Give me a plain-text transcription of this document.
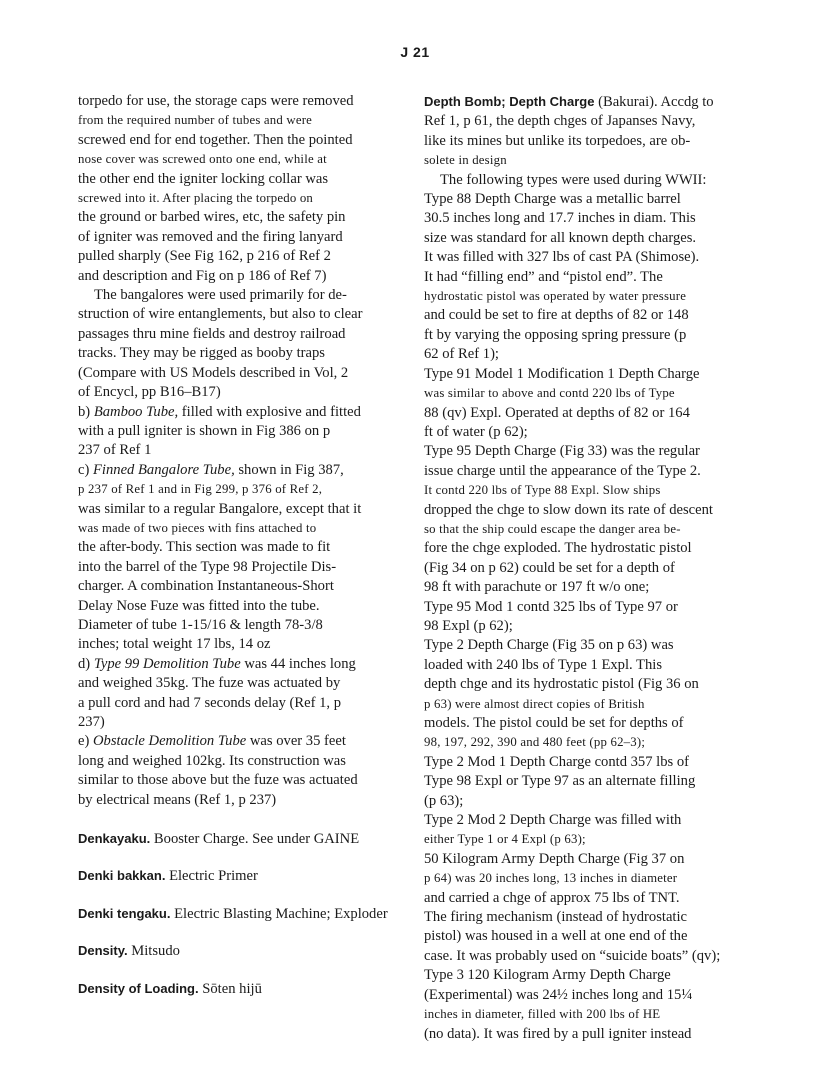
J 21
torpedo for use, the storage caps were removed
from the required number of tubes and were
screwed end for end together. Then the pointed
nose cover was screwed onto one end, while at
the other end the igniter locking collar was
screwed into it. After placing the torpedo on
the ground or barbed wires, etc, the safety pin
of igniter was removed and the firing lanyard
pulled sharply (See Fig 162, p 216 of Ref 2
and description and Fig on p 186 of Ref 7)
The bangalores were used primarily for de-
struction of wire entanglements, but also to clear
passages thru mine fields and destroy railroad
tracks. They may be rigged as booby traps
(Compare with US Models described in Vol, 2
of Encycl, pp B16–B17)
b) Bamboo Tube, filled with explosive and fitted
with a pull igniter is shown in Fig 386 on p
237 of Ref 1
c) Finned Bangalore Tube, shown in Fig 387,
p 237 of Ref 1 and in Fig 299, p 376 of Ref 2,
was similar to a regular Bangalore, except that it
was made of two pieces with fins attached to
the after-body. This section was made to fit
into the barrel of the Type 98 Projectile Dis-
charger. A combination Instantaneous-Short
Delay Nose Fuze was fitted into the tube.
Diameter of tube 1-15/16 & length 78-3/8
inches; total weight 17 lbs, 14 oz
d) Type 99 Demolition Tube was 44 inches long
and weighed 35kg. The fuze was actuated by
a pull cord and had 7 seconds delay (Ref 1, p
237)
e) Obstacle Demolition Tube was over 35 feet
long and weighed 102kg. Its construction was
similar to those above but the fuze was actuated
by electrical means (Ref 1, p 237)
Denkayaku. Booster Charge. See under GAINE
Denki bakkan. Electric Primer
Denki tengaku. Electric Blasting Machine; Exploder
Density. Mitsudo
Density of Loading. Sōten hijū
Depth Bomb; Depth Charge (Bakurai). Accdg to
Ref 1, p 61, the depth chges of Japanses Navy,
like its mines but unlike its torpedoes, are ob-
solete in design
The following types were used during WWII:
Type 88 Depth Charge was a metallic barrel
30.5 inches long and 17.7 inches in diam. This
size was standard for all known depth charges.
It was filled with 327 lbs of cast PA (Shimose).
It had “filling end” and “pistol end”. The
hydrostatic pistol was operated by water pressure
and could be set to fire at depths of 82 or 148
ft by varying the opposing spring pressure (p
62 of Ref 1);
Type 91 Model 1 Modification 1 Depth Charge
was similar to above and contd 220 lbs of Type
88 (qv) Expl. Operated at depths of 82 or 164
ft of water (p 62);
Type 95 Depth Charge (Fig 33) was the regular
issue charge until the appearance of the Type 2.
It contd 220 lbs of Type 88 Expl. Slow ships
dropped the chge to slow down its rate of descent
so that the ship could escape the danger area be-
fore the chge exploded. The hydrostatic pistol
(Fig 34 on p 62) could be set for a depth of
98 ft with parachute or 197 ft w/o one;
Type 95 Mod 1 contd 325 lbs of Type 97 or
98 Expl (p 62);
Type 2 Depth Charge (Fig 35 on p 63) was
loaded with 240 lbs of Type 1 Expl. This
depth chge and its hydrostatic pistol (Fig 36 on
p 63) were almost direct copies of British
models. The pistol could be set for depths of
98, 197, 292, 390 and 480 feet (pp 62–3);
Type 2 Mod 1 Depth Charge contd 357 lbs of
Type 98 Expl or Type 97 as an alternate filling
(p 63);
Type 2 Mod 2 Depth Charge was filled with
either Type 1 or 4 Expl (p 63);
50 Kilogram Army Depth Charge (Fig 37 on
p 64) was 20 inches long, 13 inches in diameter
and carried a chge of approx 75 lbs of TNT.
The firing mechanism (instead of hydrostatic
pistol) was housed in a well at one end of the
case. It was probably used on “suicide boats” (qv);
Type 3 120 Kilogram Army Depth Charge
(Experimental) was 24½ inches long and 15¼
inches in diameter, filled with 200 lbs of HE
(no data). It was fired by a pull igniter instead
